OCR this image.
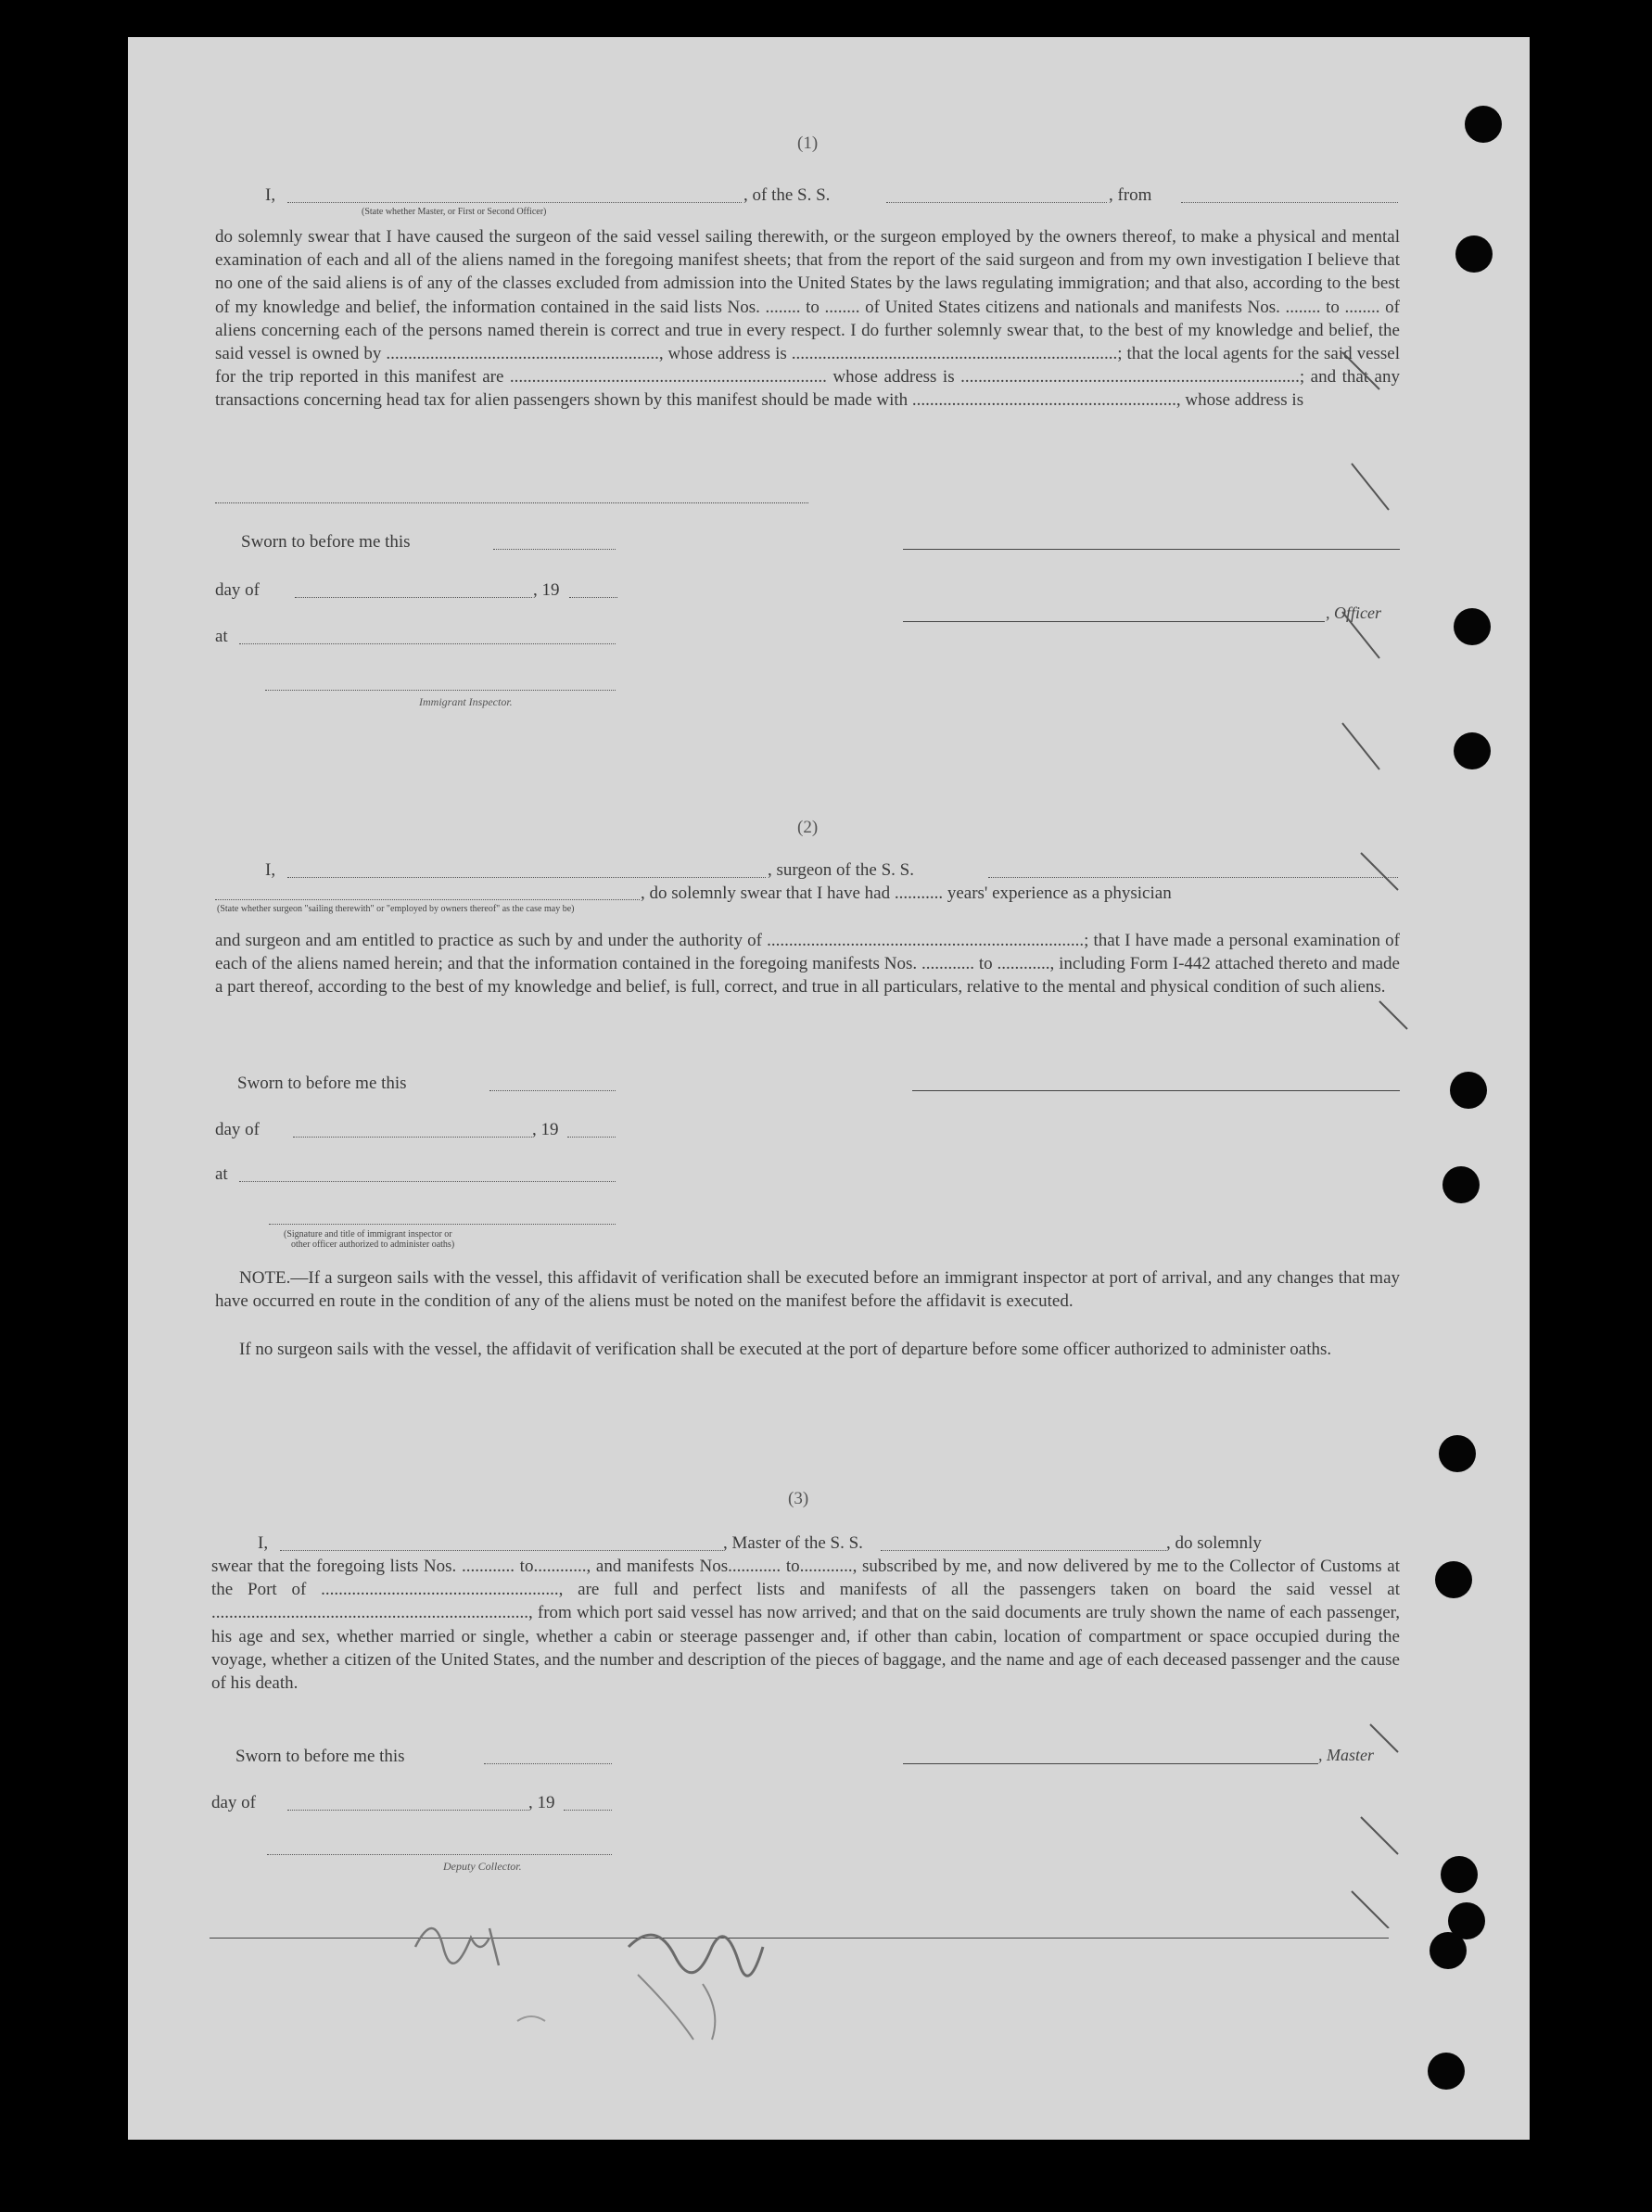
(1)
I,	, of the S. S.	, from
(State whether Master, or First or Second Officer)
do solemnly swear that I have caused the surgeon of the said vessel sailing therewith, or the surgeon employed by the owners thereof, to make a physical and mental examination of each and all of the aliens named in the foregoing manifest sheets; that from the report of the said surgeon and from my own investigation I believe that no one of the said aliens is of any of the classes excluded from admission into the United States by the laws regulating immigration; and that also, according to the best of my knowledge and belief, the information contained in the said lists Nos. ........ to ........ of United States citizens and nationals and manifests Nos. ........ to ........ of aliens concerning each of the persons named therein is correct and true in every respect. I do further solemnly swear that, to the best of my knowledge and belief, the said vessel is owned by .............................................................., whose address is ..........................................................................; that the local agents for the said vessel for the trip reported in this manifest are ........................................................................ whose address is .............................................................................; and that any transactions concerning head tax for alien passengers shown by this manifest should be made with ............................................................, whose address is
Sworn to before me this
day of	, 19
, Officer
at
Immigrant Inspector.
(2)
I,	, surgeon of the S. S.
, do solemnly swear that I have had ........... years' experience as a physician
(State whether surgeon "sailing therewith" or "employed by owners thereof" as the case may be)
and surgeon and am entitled to practice as such by and under the authority of ........................................................................; that I have made a personal examination of each of the aliens named herein; and that the information contained in the foregoing manifests Nos. ............ to ............, including Form I-442 attached thereto and made a part thereof, according to the best of my knowledge and belief, is full, correct, and true in all particulars, relative to the mental and physical condition of such aliens.
Sworn to before me this
day of	, 19
at
(Signature and title of immigrant inspector or
other officer authorized to administer oaths)
NOTE.—If a surgeon sails with the vessel, this affidavit of verification shall be executed before an immigrant inspector at port of arrival, and any changes that may have occurred en route in the condition of any of the aliens must be noted on the manifest before the affidavit is executed.
If no surgeon sails with the vessel, the affidavit of verification shall be executed at the port of departure before some officer authorized to administer oaths.
(3)
I,	, Master of the S. S.	, do solemnly
swear that the foregoing lists Nos. ............ to............, and manifests Nos............ to............, subscribed by me, and now delivered by me to the Collector of Customs at the Port of ......................................................, are full and perfect lists and manifests of all the passengers taken on board the said vessel at ........................................................................, from which port said vessel has now arrived; and that on the said documents are truly shown the name of each passenger, his age and sex, whether married or single, whether a cabin or steerage passenger and, if other than cabin, location of compartment or space occupied during the voyage, whether a citizen of the United States, and the number and description of the pieces of baggage, and the name and age of each deceased passenger and the cause of his death.
Sworn to before me this	, Master
day of	, 19
Deputy Collector.
